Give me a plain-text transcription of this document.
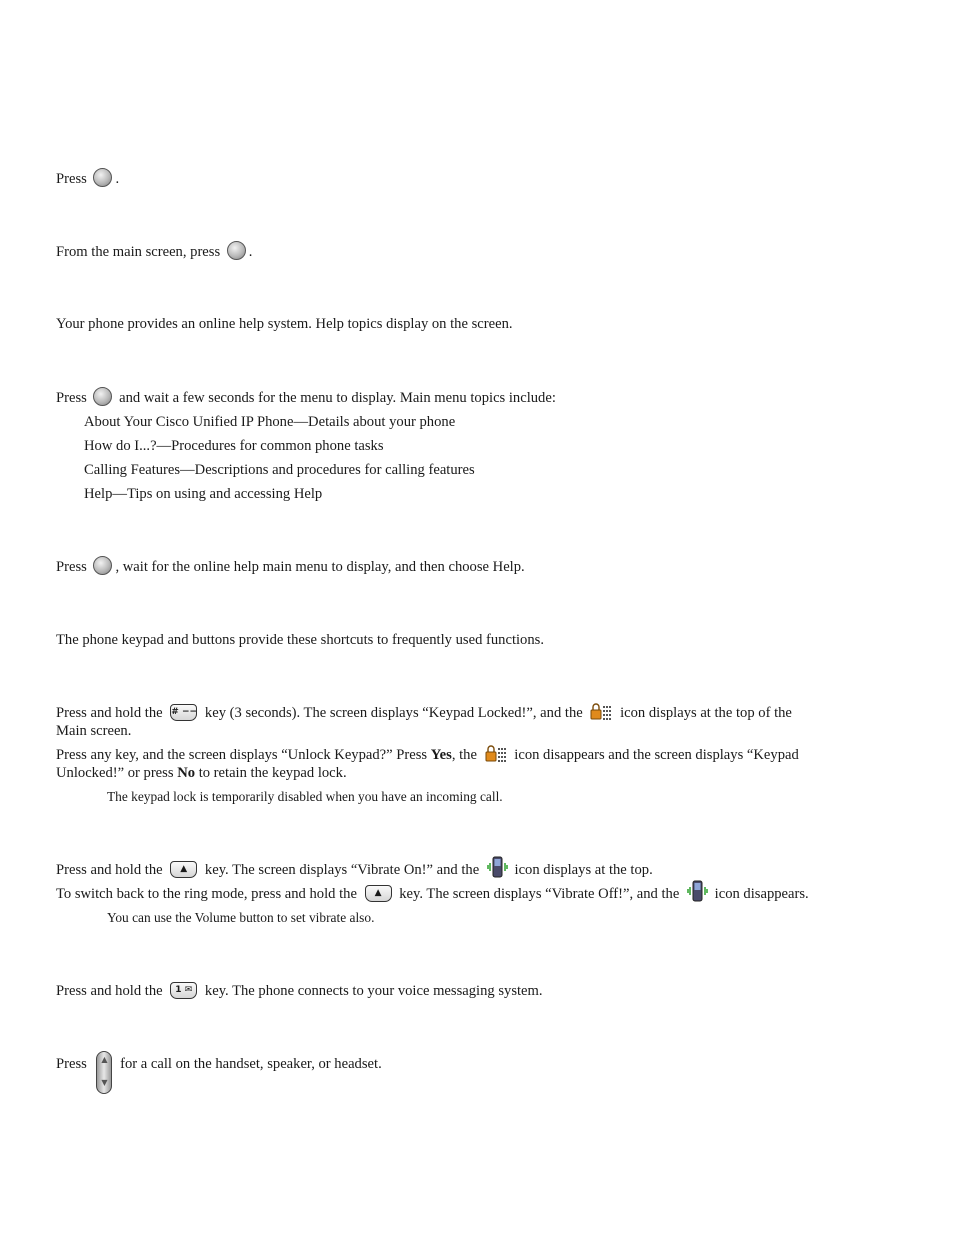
Press .
From the main screen, press .
Your phone provides an online help system. Help topics display on the screen.
Press and wait a few seconds for the menu to display. Main menu topics include:
About Your Cisco Unified IP Phone—Details about your phone
How do I...?—Procedures for common phone tasks
Calling Features—Descriptions and procedures for calling features
Help—Tips on using and accessing Help
Press , wait for the online help main menu to display, and then choose Help.
The phone keypad and buttons provide these shortcuts to frequently used functions.
Press and hold the # −− key (3 seconds). The screen displays “Keypad Locked!”, and the	icon displays at the top of the
Main screen.
Press any key, and the screen displays “Unlock Keypad?” Press Yes, the	icon disappears and the screen displays “Keypad
Unlocked!” or press No to retain the keypad lock.
The keypad lock is temporarily disabled when you have an incoming call.
Press and hold the	▲	key. The screen displays “Vibrate On!” and the icon displays at the top.
To switch back to the ring mode, press and hold the	▲	key. The screen displays “Vibrate Off!”, and the icon disappears.
You can use the Volume button to set vibrate also.
Press and hold the	1 ✉ key. The phone connects to your voice messaging system.
Press	▲
▼
for a call on the handset, speaker, or headset.
